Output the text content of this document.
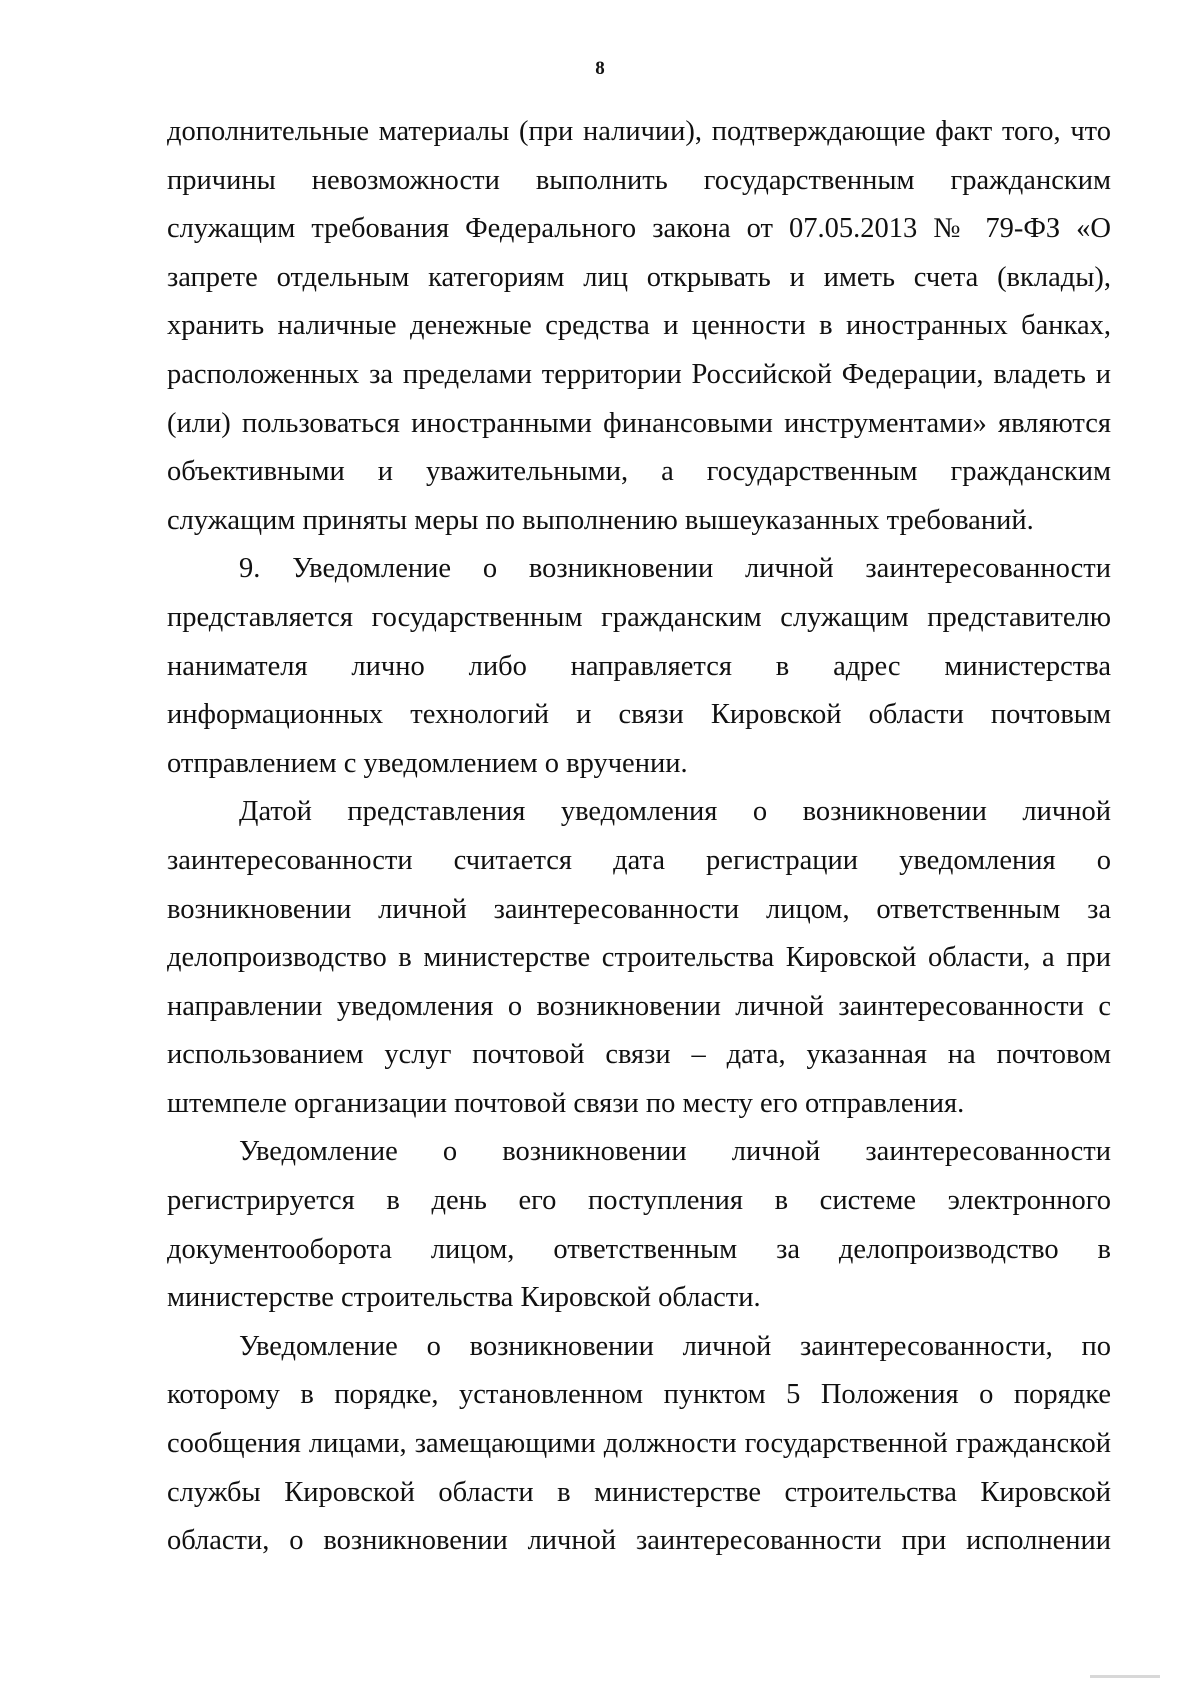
8

дополнительные материалы (при наличии), подтверждающие факт того, что причины невозможности выполнить государственным гражданским служащим требования Федерального закона от 07.05.2013 № 79-ФЗ «О запрете отдельным категориям лиц открывать и иметь счета (вклады), хранить наличные денежные средства и ценности в иностранных банках, расположенных за пределами территории Российской Федерации, владеть и (или) пользоваться иностранными финансовыми инструментами» являются объективными и уважительными, а государственным гражданским служащим приняты меры по выполнению вышеуказанных требований.

9. Уведомление о возникновении личной заинтересованности представляется государственным гражданским служащим представителю нанимателя лично либо направляется в адрес министерства информационных технологий и связи Кировской области почтовым отправлением с уведомлением о вручении.

Датой представления уведомления о возникновении личной заинтересованности считается дата регистрации уведомления о возникновении личной заинтересованности лицом, ответственным за делопроизводство в министерстве строительства Кировской области, а при направлении уведомления о возникновении личной заинтересованности с использованием услуг почтовой связи – дата, указанная на почтовом штемпеле организации почтовой связи по месту его отправления.

Уведомление о возникновении личной заинтересованности регистрируется в день его поступления в системе электронного документооборота лицом, ответственным за делопроизводство в министерстве строительства Кировской области.

Уведомление о возникновении личной заинтересованности, по которому в порядке, установленном пунктом 5 Положения о порядке сообщения лицами, замещающими должности государственной гражданской службы Кировской области в министерстве строительства Кировской области, о возникновении личной заинтересованности при исполнении
